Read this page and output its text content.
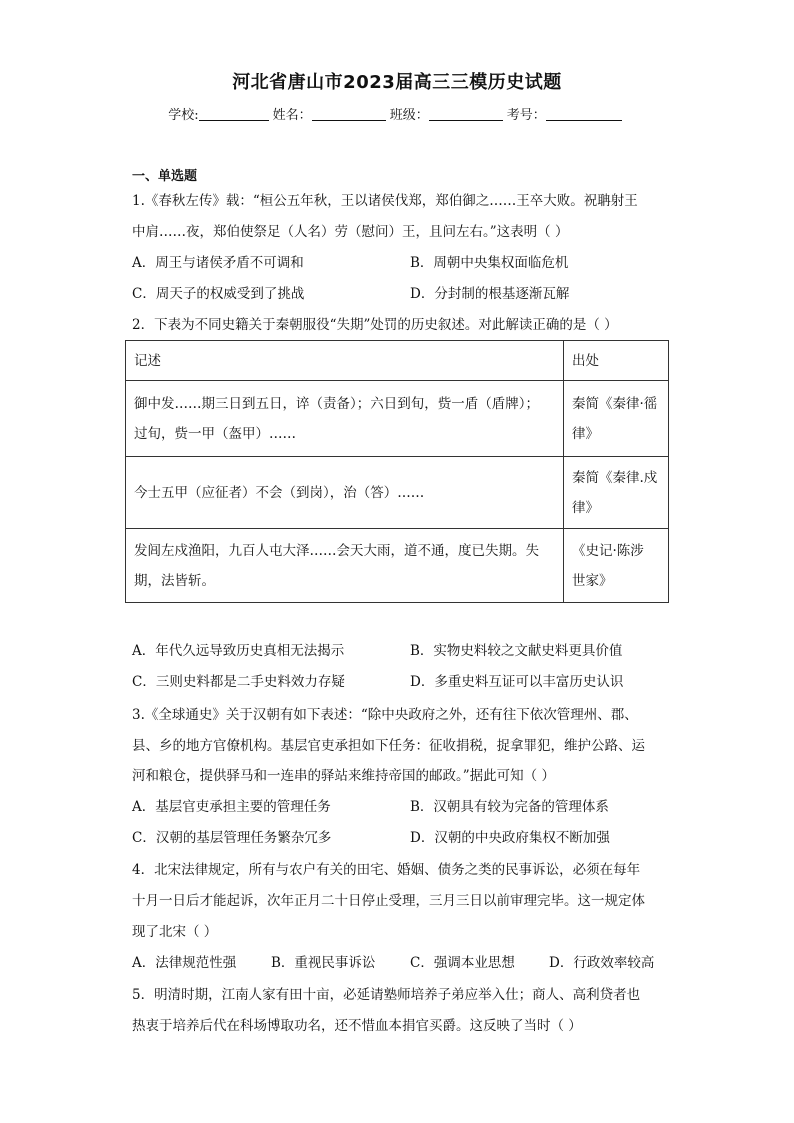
河北省唐山市2023届高三三模历史试题
学校:	姓名：	班级：	考号：
一、单选题
1.《春秋左传》载：“桓公五年秋，王以诸侯伐郑，郑伯御之……王卒大败。祝聃射王
中肩……夜，郑伯使祭足（人名）劳（慰问）王，且问左右。”这表明（ ）
A．周王与诸侯矛盾不可调和	B．周朝中央集权面临危机
C．周天子的权威受到了挑战	D．分封制的根基逐渐瓦解
2．下表为不同史籍关于秦朝服役“失期”处罚的历史叙述。对此解读正确的是（ ）
记述	出处

御中发……期三日到五日，谇（责备）；六日到旬，赀一盾（盾牌）；
过旬，赀一甲（盔甲）……	秦简《秦律·徭
律》

今士五甲（应征者）不会（到岗），治（答）……	秦简《秦律.戍
律》

发闾左戍渔阳，九百人屯大泽……会天大雨，道不通，度已失期。失
期，法皆斩。	《史记·陈涉
世家》
A．年代久远导致历史真相无法揭示	B．实物史料较之文献史料更具价值
C．三则史料都是二手史料效力存疑	D．多重史料互证可以丰富历史认识
3.《全球通史》关于汉朝有如下表述：“除中央政府之外，还有往下依次管理州、郡、
县、乡的地方官僚机构。基层官吏承担如下任务：征收捐税，捉拿罪犯，维护公路、运
河和粮仓，提供驿马和一连串的驿站来维持帝国的邮政。”据此可知（ ）
A．基层官吏承担主要的管理任务	B．汉朝具有较为完备的管理体系
C．汉朝的基层管理任务繁杂冗多	D．汉朝的中央政府集权不断加强
4．北宋法律规定，所有与农户有关的田宅、婚姻、债务之类的民事诉讼，必须在每年
十月一日后才能起诉，次年正月二十日停止受理，三月三日以前审理完毕。这一规定体
现了北宋（ ）
A．法律规范性强	B．重视民事诉讼	C．强调本业思想	D．行政效率较高
5．明清时期，江南人家有田十亩，必延请塾师培养子弟应举入仕；商人、高利贷者也
热衷于培养后代在科场博取功名，还不惜血本捐官买爵。这反映了当时（ ）
